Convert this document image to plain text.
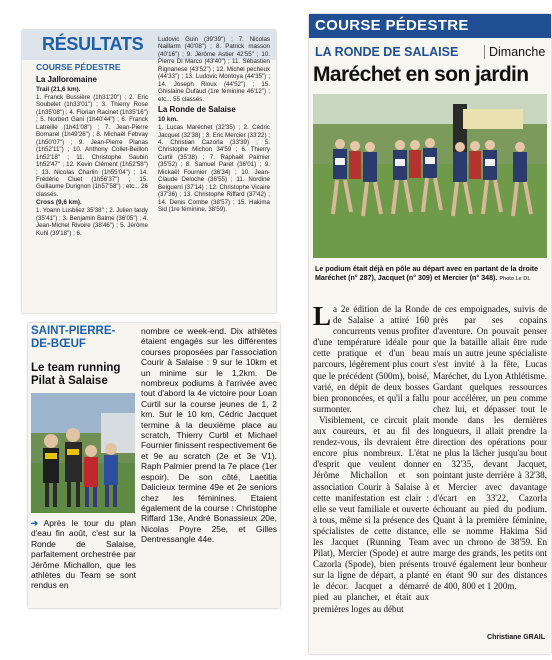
RÉSULTATS
COURSE PÉDESTRE
La Jalloromaine
Trail (21,6 km).
1. Franck Bussière (1h31'20") ; 2. Eric Soubelet (1h33'01") ; 3. Thierry Rose (1h35'08") ; 4. Florian Racinet (1h35'16") ; 5. Norbert Gani (1h40'44") ; 6. Franck Latreille (1h41'08") ; 7. Jean-Pierre Bornarel (1h49'26") ; 8. Michaël Febvay (1h50'07") ; 9. Jean-Pierre Planas (1h52'11") ; 10. Anthony Collet-Beillon 1h52'18" ; 11. Christophe Saubin 1h52'47" ; 12. Kevin Clément (1h52'58") ; 13. Nicolas Charlin (1h55'04") ; 14. Frédéric Cluet (1h56'37") ; 15. Guillaume Durignon (1h57'58") ; etc... 26 classés.
Cross (9,6 km).
1. Yoann Lusbliez 35'38" ; 2. Julien tardy (35'41") ; 3. Benjamin Balme (36'05") ; 4. Jean-Michel Rivoire (38'46") ; 5. Jérôme Kuhl (39'18") ; 6.
Ludovic Guin (39'39") ; 7. Nicolas Naillarm (40'08") ; 8. Patrick masson (40'16") ; 9. Jérôme Astier 42'55" ; 10. Pierre Di Marco (43'40") ; 11. Sébastien Rignanese (43'52") ; 12. Michel pecheux (44'33") ; 13. Ludovic Montoya (44'35") ; 14. Joseph Rioux (44'52") ; 15. Ghislaine Dufaud (1re féminine 46'12") ; etc... 55 classés.
La Ronde de Salaise
10 km.
1. Lucas Maréchet (32'35) ; 2. Cédric Jacquet (32'38) ; 3. Eric Mercier (33'22) ; 4. Christian Cazorla (33'39) ; 5. Christophe Michon 34'59 ; 6. Thierry Curtil (35'38) ; 7. Raphaël Palmier (35'52) ; 8. Samuel Paret (36'01) ; 9. Mickaël Fournier (36'34) ; 10. Jean-Claude Deloche (36'55) ; 11. Nordine Belguerri (37'14) ; 12. Christophe Vicaire (37'36) ; 13. Christophe Riffard (37'42) ; 14. Denis Combe (38'57) ; 15. Hakima Sid (1re féminine, 38'59).
COURSE PÉDESTRE
LA RONDE DE SALAISE	Dimanche
Maréchet en son jardin
Le podium était déjà en pôle au départ avec en partant de la droite Maréchet (n° 287), Jacquet (n° 309) et Mercier (n° 348). Photo Le DL
La 2e édition de la Ronde de Salaise a attiré 160 concurrents venus profiter d'une température idéale pour cette pratique et d'un beau parcours, légèrement plus court que le précédent (500m), boisé, varié, en dépit de deux bosses bien prononcées, et qu'il a fallu surmonter.
Visiblement, ce circuit plait aux coureurs, et au fil des rendez-vous, ils devraient être encore plus nombreux. L'état d'esprit que veulent donner Jérôme Michallon et son association Courir à Salaise à cette manifestation est clair : elle se veut familiale et ouverte à tous, même si la présence des spécialistes de cette distance, les Jacquet (Running Team Pilat), Mercier (Spode) et autre Cazorla (Spode), bien présents sur la ligne de départ, a planté le décor. Jacquet a démarré pied au plancher, et était aux premières loges au début
de ces empoignades, suivis de près par ses copains d'aventure. On pouvait penser que la bataille allait être rude mais un autre jeune spécialiste s'est invité à la fête, Lucas Maréchet, du Lyon Athlétisme. Gardant quelques ressources pour accélérer, un peu comme chez lui, et dépasser tout le monde dans les dernières longueurs, il allait prendre la direction des opérations pour ne plus la lâcher jusqu'au bout en 32'35, devant Jacquet, pointant juste derrière à 32'38, et Mercier avec davantage d'écart en 33'22, Cazorla échouant au pied du podium. Quant à la première féminine, elle se nomme Hakima Sid avec un chrono de 38'59. En marge des grands, les petits ont trouvé également leur bonheur en étant 90 sur des distances de 400, 800 et 1 200m.
Christiane GRAIL
SAINT-PIERRE-DE-BŒUF
Le team running Pilat à Salaise
➔ Après le tour du plan d'eau fin août, c'est sur la Ronde de Salaise, parfaitement orchestrée par Jérôme Michallon, que les athlètes du Team se sont rendus en
nombre ce week-end. Dix athlètes étaient engagés sur les différentes courses proposées par l'association Courir à Salaise : 9 sur le 10km et un minime sur le 1,2km. De nombreux podiums à l'arrivée avec tout d'abord la 4e victoire pour Loan Curtil sur la course jeunes de 1, 2 km. Sur le 10 km, Cédric Jacquet termine à la deuxième place au scratch, Thierry Curtil et Michael Fournier finissent respectivement 6e et 9e au scratch (2e et 3e V1). Raph Palmier prend la 7e place (1er espoir). De son côté, Laetitia Dalicieux termine 49e et 2e seniors chez les féminines. Etaient également de la course : Christophe Riffard 13e, André Bonassieux 20e, Nicolas Poyre 25e, et Gilles Dentressangle 44e.
